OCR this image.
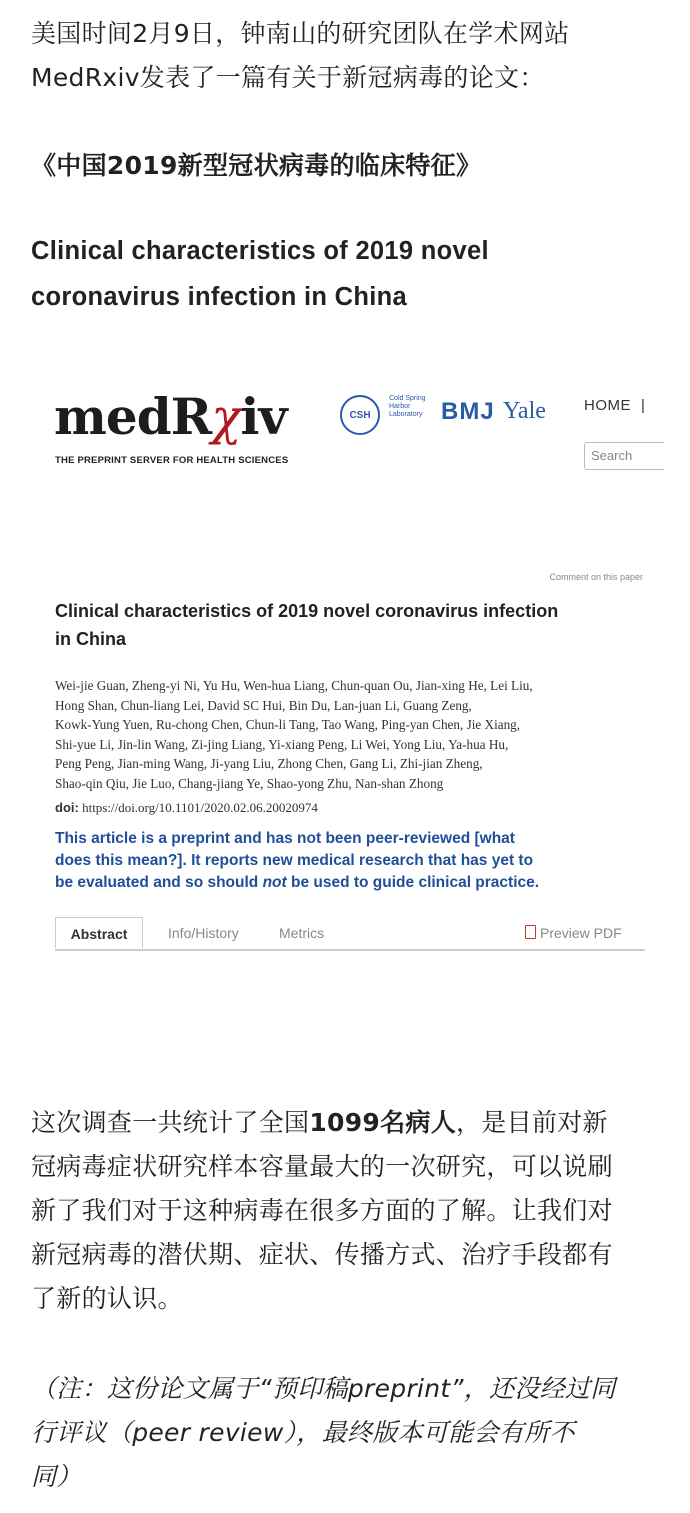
美国时间2月9日，钟南山的研究团队在学术网站
MedRxiv发表了一篇有关于新冠病毒的论文：

《中国2019新型冠状病毒的临床特征》

Clinical characteristics of 2019 novel
coronavirus infection in China

medRχiv
THE PREPRINT SERVER FOR HEALTH SCIENCES
CSH
Cold Spring Harbor Laboratory BMJ Yale	HOME |
Search
Comment on this paper
Clinical characteristics of 2019 novel coronavirus infection
in China
Wei-jie Guan, Zheng-yi Ni, Yu Hu, Wen-hua Liang, Chun-quan Ou, Jian-xing He, Lei Liu,
Hong Shan, Chun-liang Lei, David SC Hui, Bin Du, Lan-juan Li, Guang Zeng,
Kowk-Yung Yuen, Ru-chong Chen, Chun-li Tang, Tao Wang, Ping-yan Chen, Jie Xiang,
Shi-yue Li, Jin-lin Wang, Zi-jing Liang, Yi-xiang Peng, Li Wei, Yong Liu, Ya-hua Hu,
Peng Peng, Jian-ming Wang, Ji-yang Liu, Zhong Chen, Gang Li, Zhi-jian Zheng,
Shao-qin Qiu, Jie Luo, Chang-jiang Ye, Shao-yong Zhu, Nan-shan Zhong
doi: https://doi.org/10.1101/2020.02.06.20020974
This article is a preprint and has not been peer-reviewed [what
does this mean?]. It reports new medical research that has yet to
be evaluated and so should not be used to guide clinical practice.
Abstract	Info/History	Metrics	Preview PDF

这次调查一共统计了全国1099名病人，是目前对新
冠病毒症状研究样本容量最大的一次研究，可以说刷
新了我们对于这种病毒在很多方面的了解。让我们对
新冠病毒的潜伏期、症状、传播方式、治疗手段都有
了新的认识。

（注：这份论文属于“预印稿preprint”，还没经过同
行评议（peer review），最终版本可能会有所不
同）
